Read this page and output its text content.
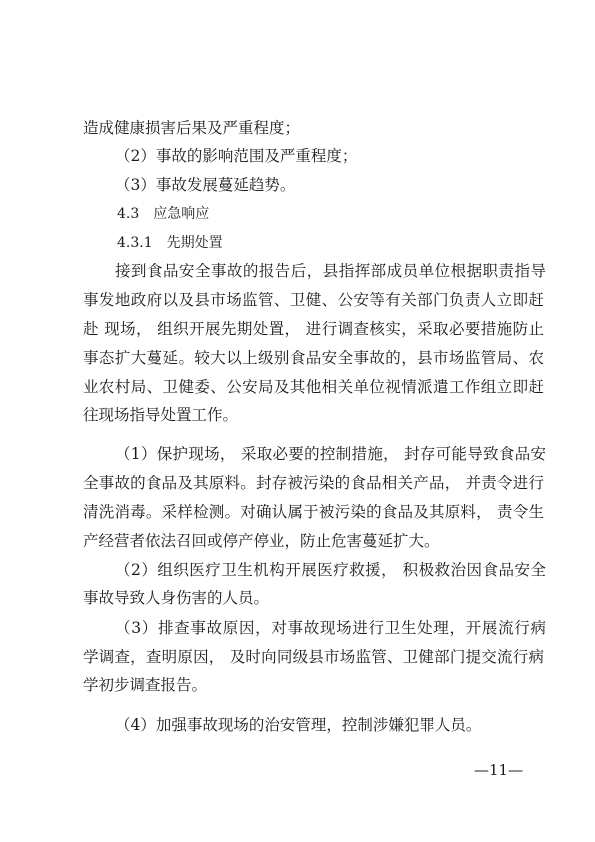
造成健康损害后果及严重程度；
（2）事故的影响范围及严重程度；
（3）事故发展蔓延趋势。
4.3　应急响应
4.3.1　先期处置
接到食品安全事故的报告后，县指挥部成员单位根据职责指导
事发地政府以及县市场监管、卫健、公安等有关部门负责人立即赶
赴 现场， 组织开展先期处置， 进行调查核实，采取必要措施防止
事态扩大蔓延。较大以上级别食品安全事故的，县市场监管局、农
业农村局、卫健委、公安局及其他相关单位视情派遣工作组立即赶
往现场指导处置工作。
（1）保护现场， 采取必要的控制措施， 封存可能导致食品安
全事故的食品及其原料。封存被污染的食品相关产品， 并责令进行
清洗消毒。采样检测。对确认属于被污染的食品及其原料， 责令生
产经营者依法召回或停产停业，防止危害蔓延扩大。
（2）组织医疗卫生机构开展医疗救援， 积极救治因食品安全
事故导致人身伤害的人员。
（3）排查事故原因，对事故现场进行卫生处理，开展流行病
学调查，查明原因， 及时向同级县市场监管、卫健部门提交流行病
学初步调查报告。
（4）加强事故现场的治安管理，控制涉嫌犯罪人员。
—11—
